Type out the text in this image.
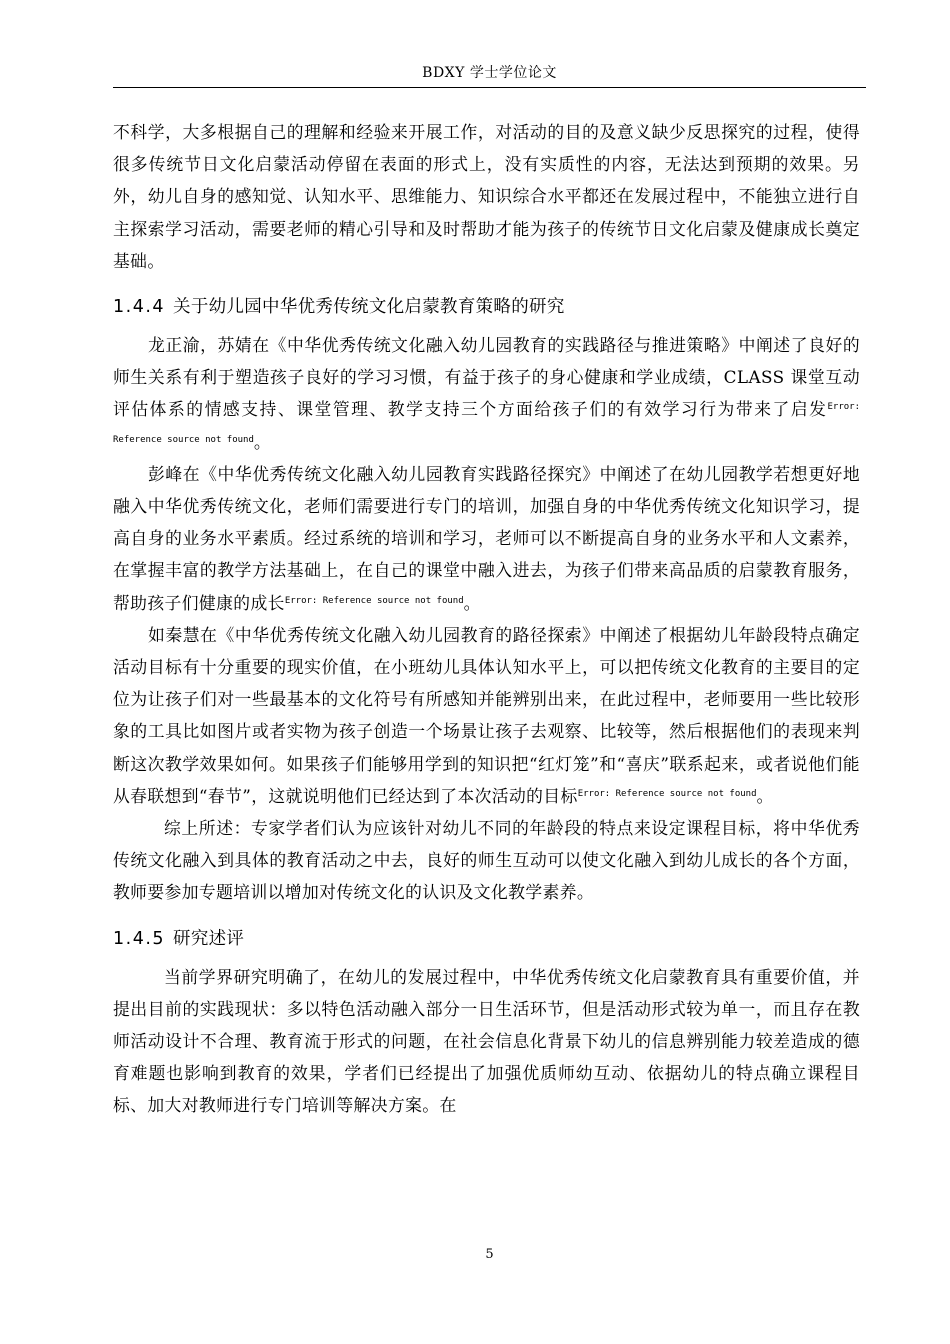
BDXY 学士学位论文

不科学，大多根据自己的理解和经验来开展工作，对活动的目的及意义缺少反思探究的过程，使得很多传统节日文化启蒙活动停留在表面的形式上，没有实质性的内容，无法达到预期的效果。另外，幼儿自身的感知觉、认知水平、思维能力、知识综合水平都还在发展过程中，不能独立进行自主探索学习活动，需要老师的精心引导和及时帮助才能为孩子的传统节日文化启蒙及健康成长奠定基础。

1.4.4 关于幼儿园中华优秀传统文化启蒙教育策略的研究

龙正渝，苏婧在《中华优秀传统文化融入幼儿园教育的实践路径与推进策略》中阐述了良好的师生关系有利于塑造孩子良好的学习习惯，有益于孩子的身心健康和学业成绩，CLASS 课堂互动评估体系的情感支持、课堂管理、教学支持三个方面给孩子们的有效学习行为带来了启发$^{Error: Reference source not found}$。

彭峰在《中华优秀传统文化融入幼儿园教育实践路径探究》中阐述了在幼儿园教学若想更好地融入中华优秀传统文化，老师们需要进行专门的培训，加强自身的中华优秀传统文化知识学习，提高自身的业务水平素质。经过系统的培训和学习，老师可以不断提高自身的业务水平和人文素养，在掌握丰富的教学方法基础上，在自己的课堂中融入进去，为孩子们带来高品质的启蒙教育服务，帮助孩子们健康的成长$^{Error: Reference source not found}$。

如秦慧在《中华优秀传统文化融入幼儿园教育的路径探索》中阐述了根据幼儿年龄段特点确定活动目标有十分重要的现实价值，在小班幼儿具体认知水平上，可以把传统文化教育的主要目的定位为让孩子们对一些最基本的文化符号有所感知并能辨别出来，在此过程中，老师要用一些比较形象的工具比如图片或者实物为孩子创造一个场景让孩子去观察、比较等，然后根据他们的表现来判断这次教学效果如何。如果孩子们能够用学到的知识把“红灯笼”和“喜庆”联系起来，或者说他们能从春联想到“春节”，这就说明他们已经达到了本次活动的目标$^{Error: Reference source not found}$。

综上所述：专家学者们认为应该针对幼儿不同的年龄段的特点来设定课程目标，将中华优秀传统文化融入到具体的教育活动之中去，良好的师生互动可以使文化融入到幼儿成长的各个方面，教师要参加专题培训以增加对传统文化的认识及文化教学素养。

1.4.5 研究述评

当前学界研究明确了，在幼儿的发展过程中，中华优秀传统文化启蒙教育具有重要价值，并提出目前的实践现状：多以特色活动融入部分一日生活环节，但是活动形式较为单一，而且存在教师活动设计不合理、教育流于形式的问题，在社会信息化背景下幼儿的信息辨别能力较差造成的德育难题也影响到教育的效果，学者们已经提出了加强优质师幼互动、依据幼儿的特点确立课程目标、加大对教师进行专门培训等解决方案。在

5
